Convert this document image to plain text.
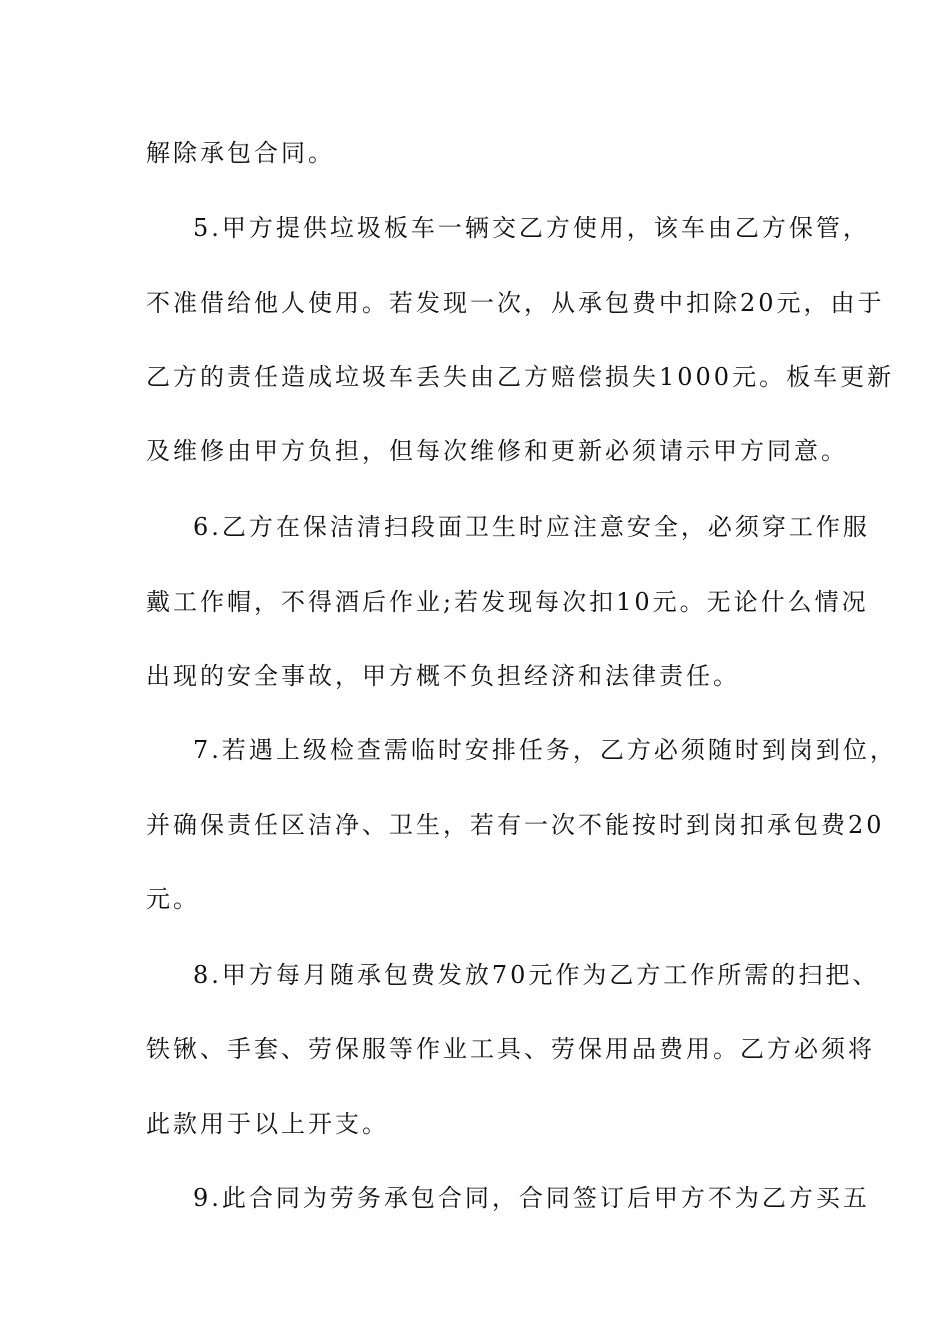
解除承包合同。
5.甲方提供垃圾板车一辆交乙方使用，该车由乙方保管，
不准借给他人使用。若发现一次，从承包费中扣除20元，由于
乙方的责任造成垃圾车丢失由乙方赔偿损失1000元。板车更新
及维修由甲方负担，但每次维修和更新必须请示甲方同意。
6.乙方在保洁清扫段面卫生时应注意安全，必须穿工作服
戴工作帽，不得酒后作业;若发现每次扣10元。无论什么情况
出现的安全事故，甲方概不负担经济和法律责任。
7.若遇上级检查需临时安排任务，乙方必须随时到岗到位，
并确保责任区洁净、卫生，若有一次不能按时到岗扣承包费20
元。
8.甲方每月随承包费发放70元作为乙方工作所需的扫把、
铁锹、手套、劳保服等作业工具、劳保用品费用。乙方必须将
此款用于以上开支。
9.此合同为劳务承包合同，合同签订后甲方不为乙方买五
